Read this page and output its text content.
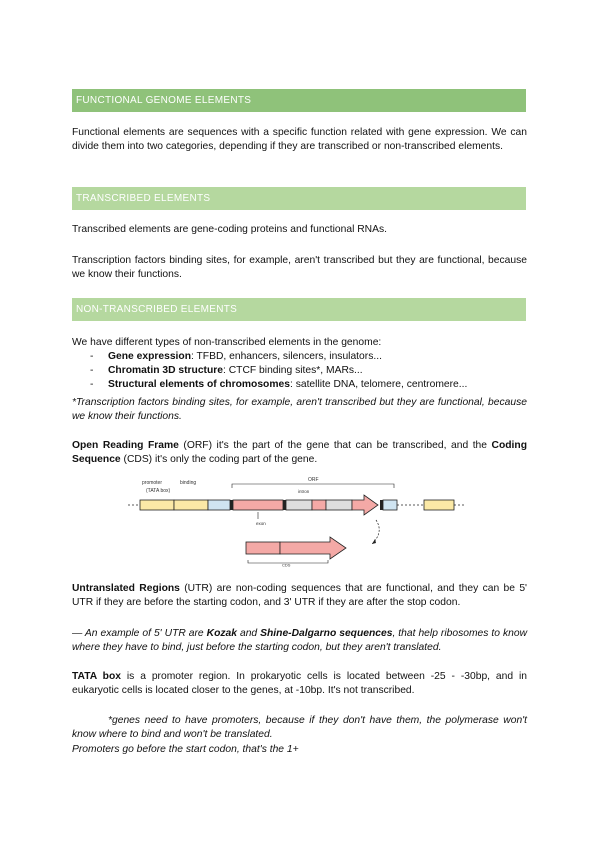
FUNCTIONAL GENOME ELEMENTS
Functional elements are sequences with a specific function related with gene expression. We can divide them into two categories, depending if they are transcribed or non-transcribed elements.
TRANSCRIBED ELEMENTS
Transcribed elements are gene-coding proteins and functional RNAs.
Transcription factors binding sites, for example, aren't transcribed but they are functional, because we know their functions.
NON-TRANSCRIBED ELEMENTS
We have different types of non-transcribed elements in the genome:
- Gene expression: TFBD, enhancers, silencers, insulators...
- Chromatin 3D structure: CTCF binding sites*, MARs...
- Structural elements of chromosomes: satellite DNA, telomere, centromere...
*Transcription factors binding sites, for example, aren't transcribed but they are functional, because we know their functions.
Open Reading Frame (ORF) it's the part of the gene that can be transcribed, and the Coding Sequence (CDS) it's only the coding part of the gene.
promoter	binding
(TATA box)
ORF
intron
exon
CDS
Untranslated Regions (UTR) are non-coding sequences that are functional, and they can be 5' UTR if they are before the starting codon, and 3' UTR if they are after the stop codon.
— An example of 5' UTR are Kozak and Shine-Dalgarno sequences, that help ribosomes to know where they have to bind, just before the starting codon, but they aren't translated.
TATA box is a promoter region. In prokaryotic cells is located between -25 - -30bp, and in eukaryotic cells is located closer to the genes, at -10bp. It's not transcribed.
*genes need to have promoters, because if they don't have them, the polymerase won't know where to bind and won't be translated.
Promoters go before the start codon, that's the 1+
